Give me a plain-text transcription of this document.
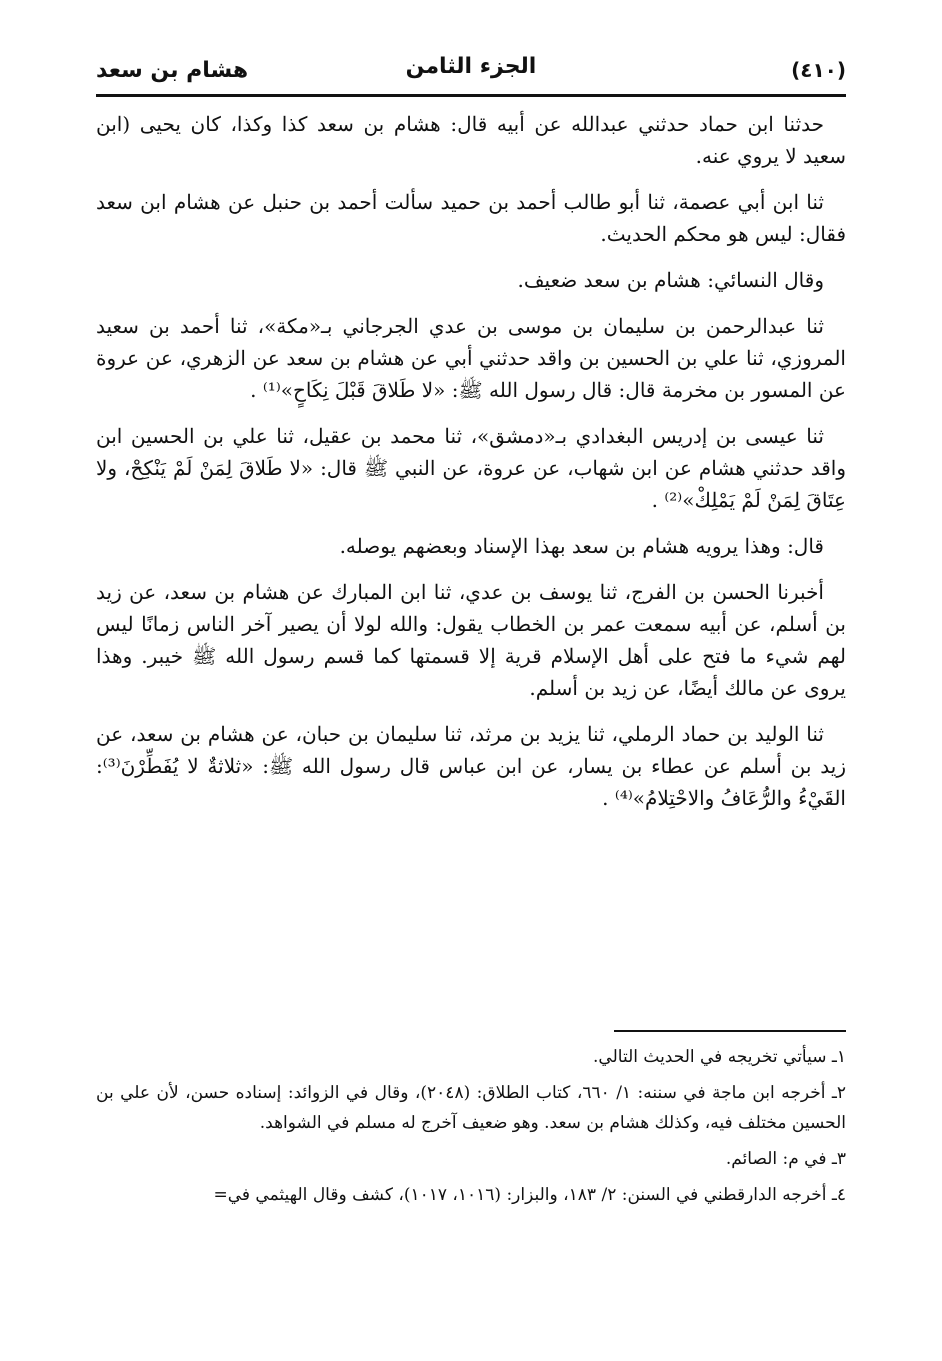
هشام بن سعد	الجزء الثامن	(٤١٠)

حدثنا ابن حماد حدثني عبدالله عن أبيه قال: هشام بن سعد كذا وكذا، كان يحيى (ابن سعيد لا يروي عنه.

ثنا ابن أبي عصمة، ثنا أبو طالب أحمد بن حميد سألت أحمد بن حنبل عن هشام ابن سعد فقال: ليس هو محكم الحديث.

وقال النسائي: هشام بن سعد ضعيف.

ثنا عبدالرحمن بن سليمان بن موسى بن عدي الجرجاني بـ«مكة»، ثنا أحمد بن سعيد المروزي، ثنا علي بن الحسين بن واقد حدثني أبي عن هشام بن سعد عن الزهري، عن عروة عن المسور بن مخرمة قال: قال رسول الله ﷺ: «لا طَلاقَ قَبْلَ نِكَاحٍ»⁽¹⁾ .

ثنا عيسى بن إدريس البغدادي بـ«دمشق»، ثنا محمد بن عقيل، ثنا علي بن الحسين ابن واقد حدثني هشام عن ابن شهاب، عن عروة، عن النبي ﷺ قال: «لا طَلاقَ لِمَنْ لَمْ يَنْكِحْ، ولا عِتَاقَ لِمَنْ لَمْ يَمْلِكْ»⁽²⁾ .

قال: وهذا يرويه هشام بن سعد بهذا الإسناد وبعضهم يوصله.

أخبرنا الحسن بن الفرج، ثنا يوسف بن عدي، ثنا ابن المبارك عن هشام بن سعد، عن زيد بن أسلم، عن أبيه سمعت عمر بن الخطاب يقول: والله لولا أن يصير آخر الناس زمانًا ليس لهم شيء ما فتح على أهل الإسلام قرية إلا قسمتها كما قسم رسول الله ﷺ خيبر. وهذا يروى عن مالك أيضًا، عن زيد بن أسلم.

ثنا الوليد بن حماد الرملي، ثنا يزيد بن مرثد، ثنا سليمان بن حبان، عن هشام بن سعد، عن زيد بن أسلم عن عطاء بن يسار، عن ابن عباس قال رسول الله ﷺ: «ثلاثةٌ لا يُفَطِّرْنَ⁽³⁾: القَيْءُ والرُّعَافُ والاحْتِلامُ»⁽⁴⁾ .

١ـ سيأتي تخريجه في الحديث التالي.

٢ـ أخرجه ابن ماجة في سننه: ١/ ٦٦٠، كتاب الطلاق: (٢٠٤٨)، وقال في الزوائد: إسناده حسن، لأن علي بن الحسين مختلف فيه، وكذلك هشام بن سعد. وهو ضعيف آخرج له مسلم في الشواهد.

٣ـ في م: الصائم.

٤ـ أخرجه الدارقطني في السنن: ٢/ ١٨٣، والبزار: (١٠١٦، ١٠١٧)، كشف وقال الهيثمي في=
